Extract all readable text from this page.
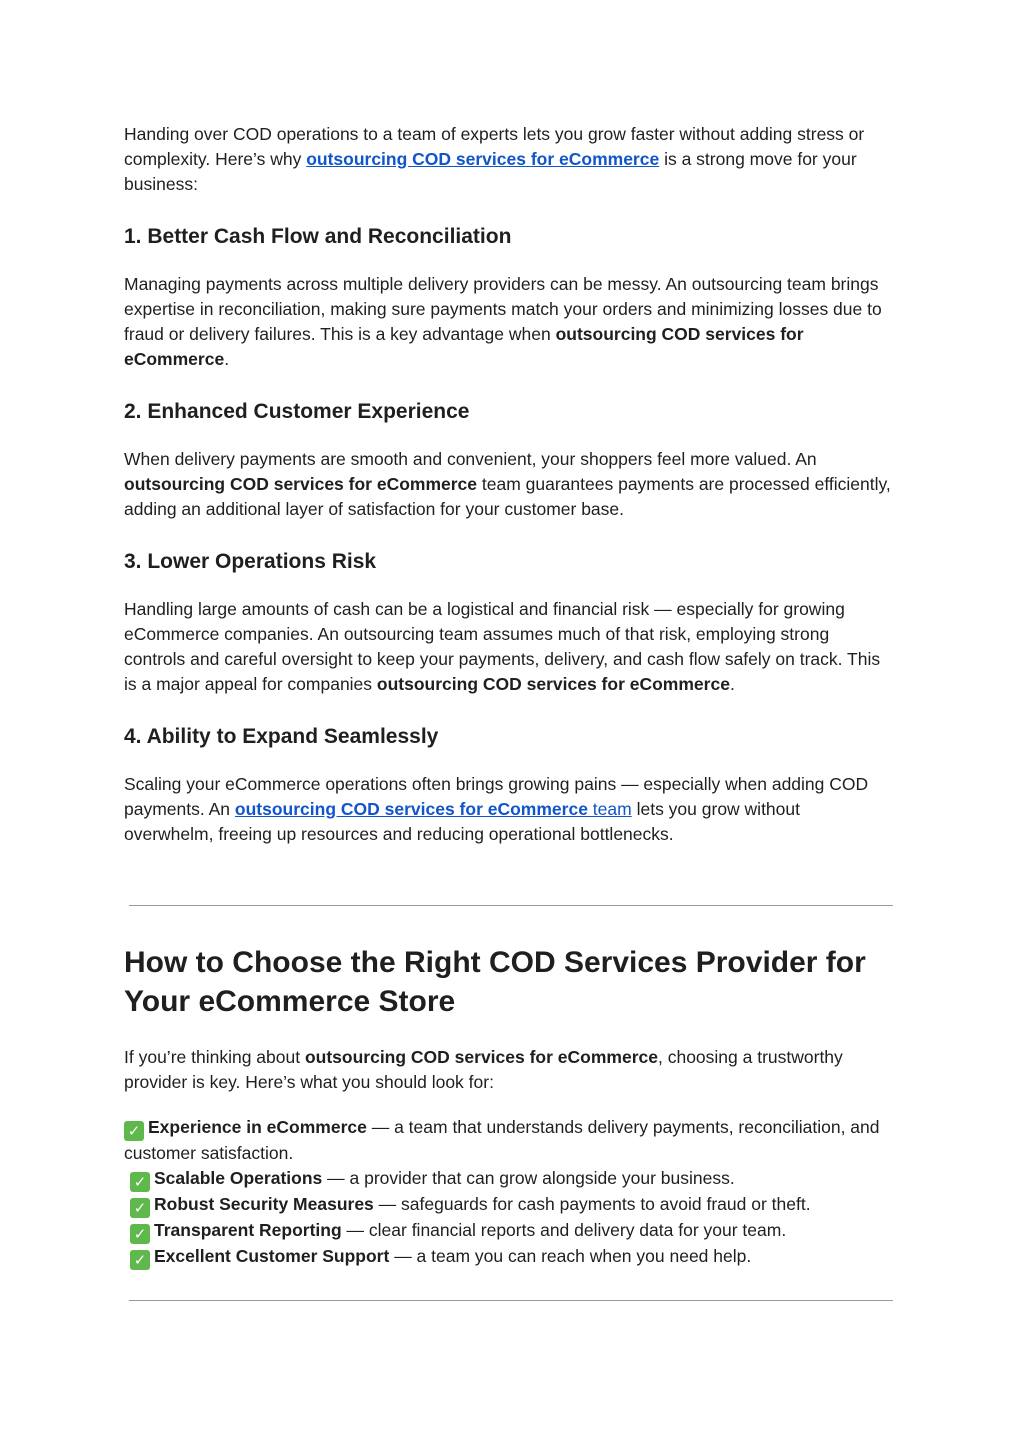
Handing over COD operations to a team of experts lets you grow faster without adding stress or complexity. Here’s why outsourcing COD services for eCommerce is a strong move for your business:

1. Better Cash Flow and Reconciliation

Managing payments across multiple delivery providers can be messy. An outsourcing team brings expertise in reconciliation, making sure payments match your orders and minimizing losses due to fraud or delivery failures. This is a key advantage when outsourcing COD services for eCommerce.

2. Enhanced Customer Experience

When delivery payments are smooth and convenient, your shoppers feel more valued. An outsourcing COD services for eCommerce team guarantees payments are processed efficiently, adding an additional layer of satisfaction for your customer base.

3. Lower Operations Risk

Handling large amounts of cash can be a logistical and financial risk — especially for growing eCommerce companies. An outsourcing team assumes much of that risk, employing strong controls and careful oversight to keep your payments, delivery, and cash flow safely on track. This is a major appeal for companies outsourcing COD services for eCommerce.

4. Ability to Expand Seamlessly

Scaling your eCommerce operations often brings growing pains — especially when adding COD payments. An outsourcing COD services for eCommerce team lets you grow without overwhelm, freeing up resources and reducing operational bottlenecks.

How to Choose the Right COD Services Provider for Your eCommerce Store

If you’re thinking about outsourcing COD services for eCommerce, choosing a trustworthy provider is key. Here’s what you should look for:

✓ Experience in eCommerce — a team that understands delivery payments, reconciliation, and customer satisfaction.

✓ Scalable Operations — a provider that can grow alongside your business.

✓ Robust Security Measures — safeguards for cash payments to avoid fraud or theft.

✓ Transparent Reporting — clear financial reports and delivery data for your team.

✓ Excellent Customer Support — a team you can reach when you need help.
